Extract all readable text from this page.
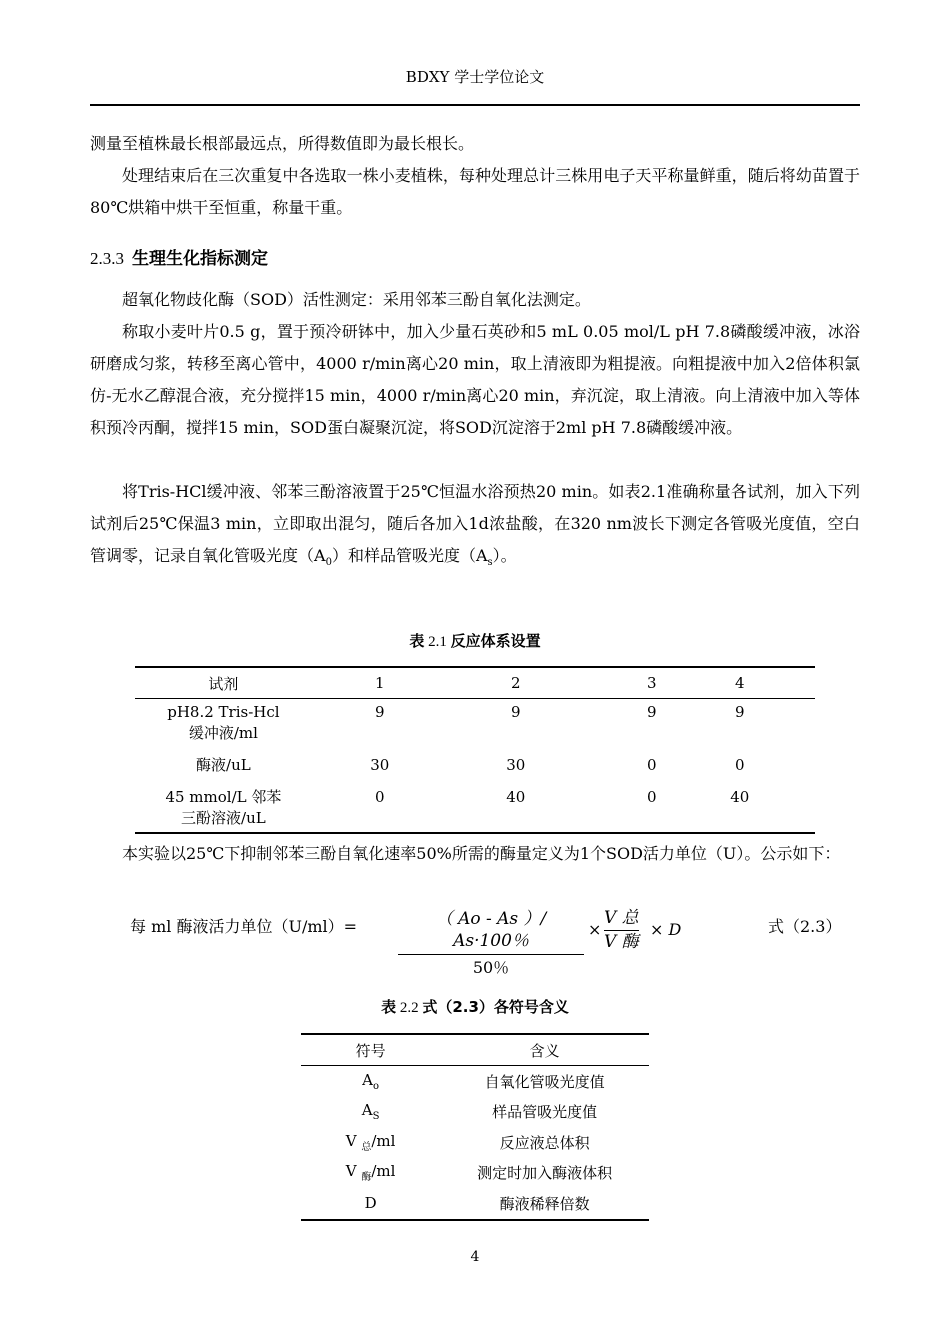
BDXY 学士学位论文

测量至植株最长根部最远点，所得数值即为最长根长。

处理结束后在三次重复中各选取一株小麦植株，每种处理总计三株用电子天平称量鲜重，随后将幼苗置于80℃烘箱中烘干至恒重，称量干重。

2.3.3 生理生化指标测定

超氧化物歧化酶（SOD）活性测定：采用邻苯三酚自氧化法测定。

称取小麦叶片0.5 g，置于预冷研钵中，加入少量石英砂和5 mL 0.05 mol/L pH 7.8磷酸缓冲液，冰浴研磨成匀浆，转移至离心管中，4000 r/min离心20 min，取上清液即为粗提液。向粗提液中加入2倍体积氯仿-无水乙醇混合液，充分搅拌15 min，4000 r/min离心20 min，弃沉淀，取上清液。向上清液中加入等体积预冷丙酮，搅拌15 min，SOD蛋白凝聚沉淀，将SOD沉淀溶于2ml pH 7.8磷酸缓冲液。

将Tris-HCl缓冲液、邻苯三酚溶液置于25℃恒温水浴预热20 min。如表2.1准确称量各试剂，加入下列试剂后25℃保温3 min，立即取出混匀，随后各加入1d浓盐酸，在320 nm波长下测定各管吸光度值，空白管调零，记录自氧化管吸光度$(A_0)$和样品管吸光度$(A_s)$。

表 2.1 反应体系设置
试剂	1	2	3	4
pH8.2 Tris-Hcl
缓冲液/ml	9	9	9	9
酶液/uL	30	30	0	0
45 mmol/L 邻苯
三酚溶液/uL	0	40	0	40

本实验以25℃下抑制邻苯三酚自氧化速率50%所需的酶量定义为1个SOD活力单位（U）。公示如下：

每 ml 酶液活力单位（U/ml）=	（ Ao - As ）/ As·100％
50％
×
V 总
V 酶
× D	式（2.3）
表 2.2 式（2.3）各符号含义
符号	含义
$A_o$	自氧化管吸光度值
$A_S$	样品管吸光度值
V $_总$/ml	反应液总体积
V $_酶$/ml	测定时加入酶液体积
D	酶液稀释倍数
4
